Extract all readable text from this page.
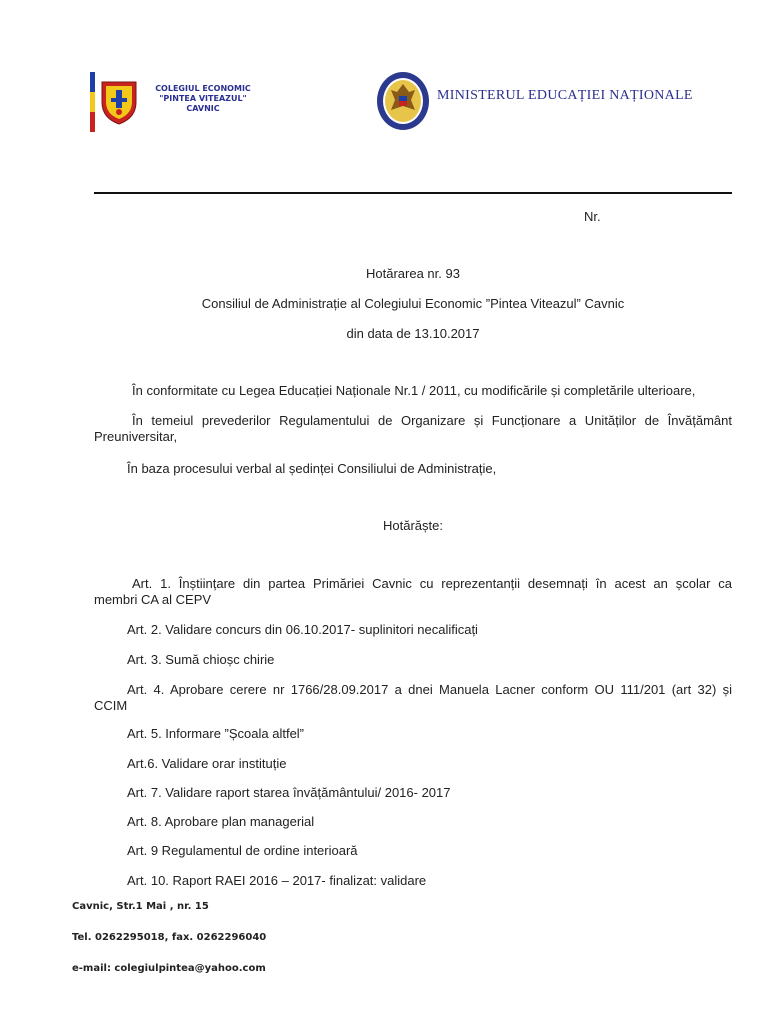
COLEGIUL ECONOMIC
"PINTEA VITEAZUL"
CAVNIC
MINISTERUL EDUCAȚIEI NAȚIONALE
Nr.
Hotărarea nr. 93
Consiliul de Administrație al Colegiului Economic ”Pintea Viteazul” Cavnic
din data de 13.10.2017
În conformitate cu Legea Educației Naționale Nr.1 / 2011, cu modificările și completările ulterioare,
În temeiul prevederilor Regulamentului de Organizare și Funcționare a Unităților de Învățământ
Preuniversitar,
În baza procesului verbal al ședinței Consiliului de Administrație,
Hotărăște:
Art. 1. Înștiințare din partea Primăriei Cavnic cu reprezentanții desemnați în acest an școlar ca
membri CA al CEPV
Art. 2. Validare concurs din 06.10.2017- suplinitori necalificați
Art. 3. Sumă chioșc chirie
Art. 4. Aprobare cerere nr 1766/28.09.2017 a dnei Manuela Lacner conform OU 111/201 (art 32) și
CCIM
Art. 5. Informare ”Școala altfel”
Art.6. Validare orar instituție
Art. 7. Validare raport starea învățământului/ 2016- 2017
Art. 8. Aprobare plan managerial
Art. 9 Regulamentul de ordine interioară
Art. 10. Raport RAEI 2016 – 2017- finalizat: validare
Cavnic, Str.1 Mai , nr. 15
Tel. 0262295018, fax. 0262296040
e-mail: colegiulpintea@yahoo.com
